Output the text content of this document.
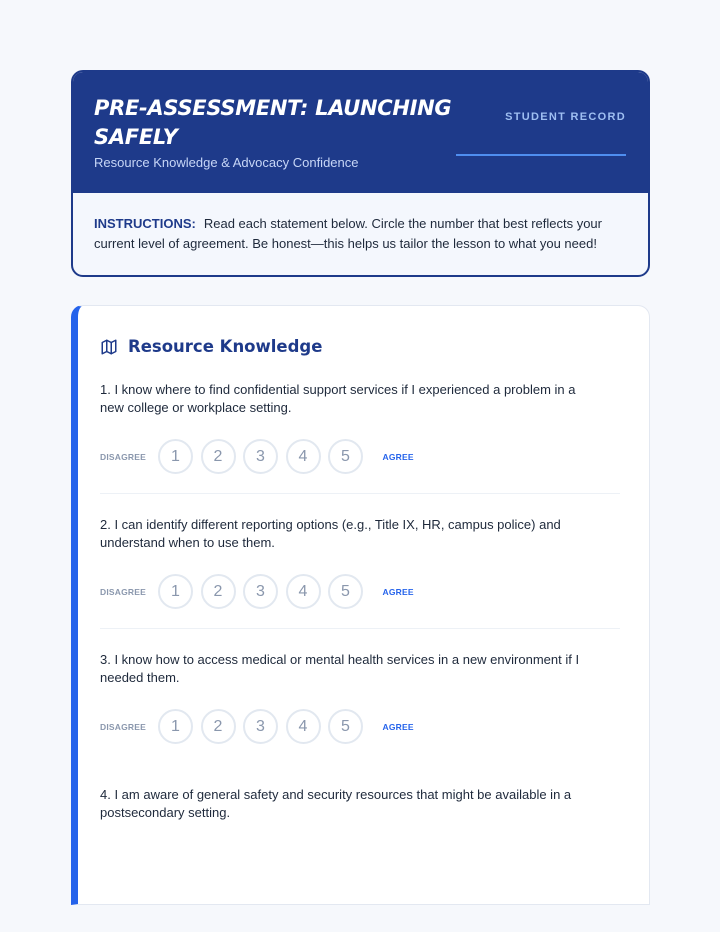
PRE-ASSESSMENT: LAUNCHING SAFELY
Resource Knowledge & Advocacy Confidence
STUDENT RECORD
INSTRUCTIONS: Read each statement below. Circle the number that best reflects your current level of agreement. Be honest—this helps us tailor the lesson to what you need!
Resource Knowledge
1. I know where to find confidential support services if I experienced a problem in a new college or workplace setting.
DISAGREE	1	2	3	4	5	AGREE
2. I can identify different reporting options (e.g., Title IX, HR, campus police) and understand when to use them.
DISAGREE	1	2	3	4	5	AGREE
3. I know how to access medical or mental health services in a new environment if I needed them.
DISAGREE	1	2	3	4	5	AGREE
4. I am aware of general safety and security resources that might be available in a postsecondary setting.
